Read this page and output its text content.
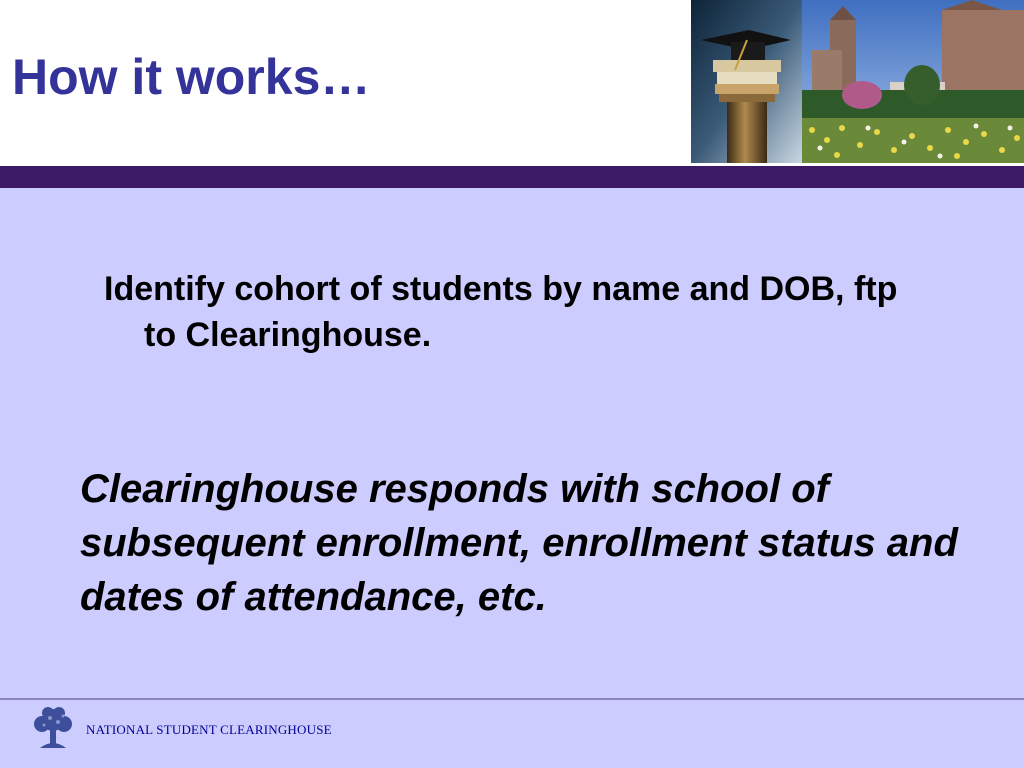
How it works…

Identify cohort of students by name and DOB, ftp to Clearinghouse.

Clearinghouse responds with school of subsequent enrollment, enrollment status and dates of attendance, etc.

NATIONAL STUDENT CLEARINGHOUSE
